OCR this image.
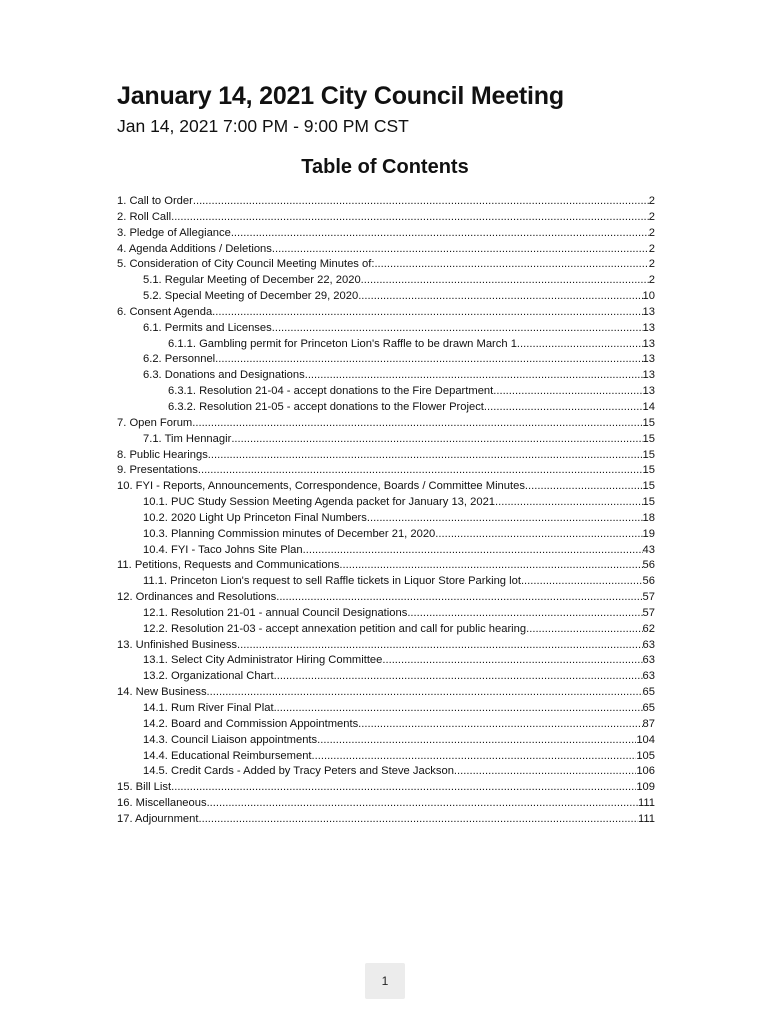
January 14, 2021 City Council Meeting
Jan 14, 2021 7:00 PM - 9:00 PM CST
Table of Contents
1. Call to Order .....	2
2. Roll Call .....	2
3. Pledge of Allegiance .....	2
4. Agenda Additions / Deletions .....	2
5. Consideration of City Council Meeting Minutes of: .....	2
5.1. Regular Meeting of December 22, 2020 .....	2
5.2. Special Meeting of December 29, 2020 .....	10
6. Consent Agenda .....	13
6.1. Permits and Licenses .....	13
6.1.1. Gambling permit for Princeton Lion's Raffle to be drawn March 1 .....	13
6.2. Personnel .....	13
6.3. Donations and Designations .....	13
6.3.1. Resolution 21-04 - accept donations to the Fire Department .....	13
6.3.2. Resolution 21-05 - accept donations to the Flower Project .....	14
7. Open Forum .....	15
7.1. Tim Hennagir .....	15
8. Public Hearings .....	15
9. Presentations .....	15
10. FYI - Reports, Announcements, Correspondence, Boards / Committee Minutes .....	15
10.1. PUC Study Session Meeting Agenda packet for January 13, 2021 .....	15
10.2. 2020 Light Up Princeton Final Numbers .....	18
10.3. Planning Commission minutes of December 21, 2020 .....	19
10.4. FYI - Taco Johns Site Plan .....	43
11. Petitions, Requests and Communications .....	56
11.1. Princeton Lion's request to sell Raffle tickets in Liquor Store Parking lot .....	56
12. Ordinances and Resolutions .....	57
12.1. Resolution 21-01 - annual Council Designations .....	57
12.2. Resolution 21-03 - accept annexation petition and call for public hearing .....	62
13. Unfinished Business .....	63
13.1. Select City Administrator Hiring Committee .....	63
13.2. Organizational Chart .....	63
14. New Business .....	65
14.1. Rum River Final Plat .....	65
14.2. Board and Commission Appointments .....	87
14.3. Council Liaison appointments .....	104
14.4. Educational Reimbursement .....	105
14.5. Credit Cards - Added by Tracy Peters and Steve Jackson .....	106
15. Bill List .....	109
16. Miscellaneous .....	111
17. Adjournment .....	111
1
